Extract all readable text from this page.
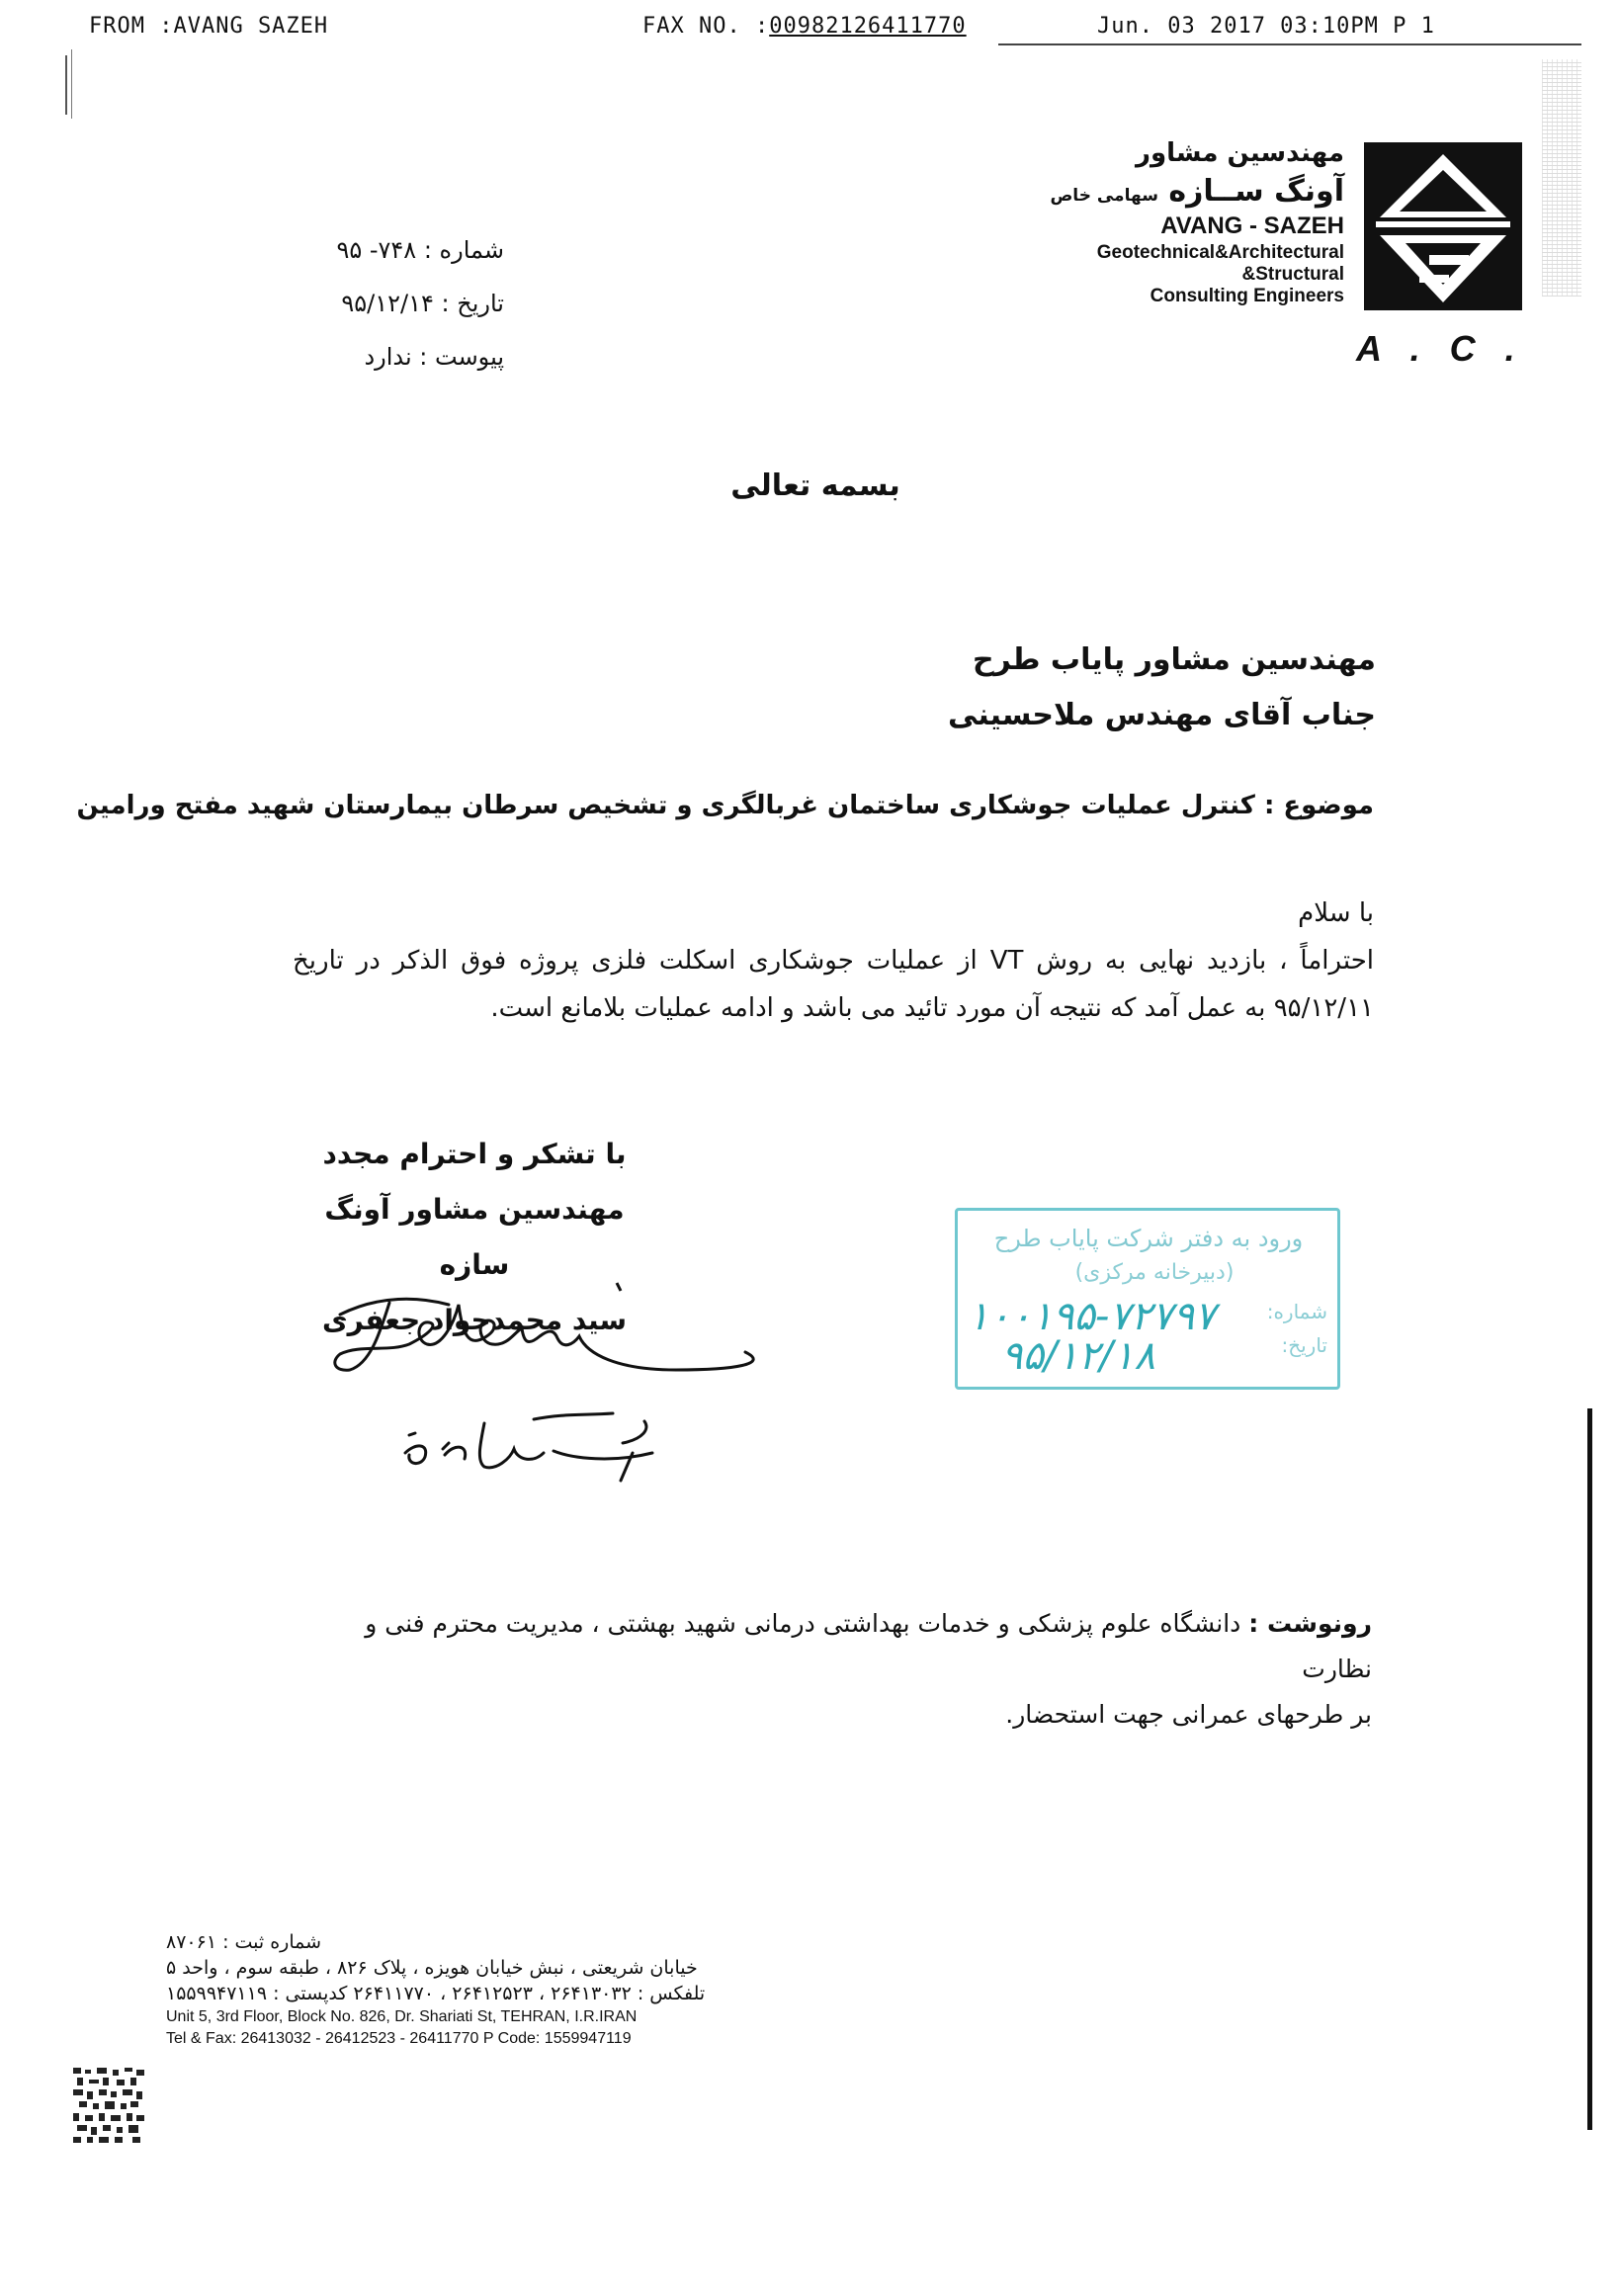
FROM :AVANG SAZEH	FAX NO. :00982126411770	Jun. 03 2017 03:10PM P 1
مهندسین مشاور
آونگ ســازه سهامی خاص
AVANG - SAZEH
Geotechnical&Architectural
&Structural
Consulting Engineers
A . C .
شماره : ۷۴۸- ۹۵
تاریخ : ۹۵/۱۲/۱۴
پیوست : ندارد
بسمه تعالی
مهندسین مشاور پایاب طرح
جناب آقای مهندس ملاحسینی
موضوع : کنترل عملیات جوشکاری ساختمان غربالگری و تشخیص سرطان بیمارستان شهید مفتح ورامین

با سلام

احتراماً ، بازدید نهایی به روش VT از عملیات جوشکاری اسکلت فلزی پروژه فوق الذکر در تاریخ ۹۵/۱۲/۱۱ به عمل آمد که نتیجه آن مورد تائید می باشد و ادامه عملیات بلامانع است.

با تشکر و احترام مجدد
مهندسین مشاور آونگ سازه
سید محمدجواد جعفری
ورود به دفتر شرکت پایاب طرح
(دبیرخانه مرکزی)
شماره:
تاریخ:
۱۰۰۱۹۵-۷۲۷۹۷
۹۵/۱۲/۱۸

رونوشت : دانشگاه علوم پزشکی و خدمات بهداشتی درمانی شهید بهشتی ، مدیریت محترم فنی و نظارت

بر طرحهای عمرانی جهت استحضار.

شماره ثبت : ۸۷۰۶۱
خیابان شریعتی ، نبش خیابان هویزه ، پلاک ۸۲۶ ، طبقه سوم ، واحد ۵
تلفکس : ۲۶۴۱۳۰۳۲ ، ۲۶۴۱۲۵۲۳ ، ۲۶۴۱۱۷۷۰ کدپستی : ۱۵۵۹۹۴۷۱۱۹
Unit 5, 3rd Floor, Block No. 826, Dr. Shariati St, TEHRAN, I.R.IRAN
Tel & Fax: 26413032 - 26412523 - 26411770 P Code: 1559947119
